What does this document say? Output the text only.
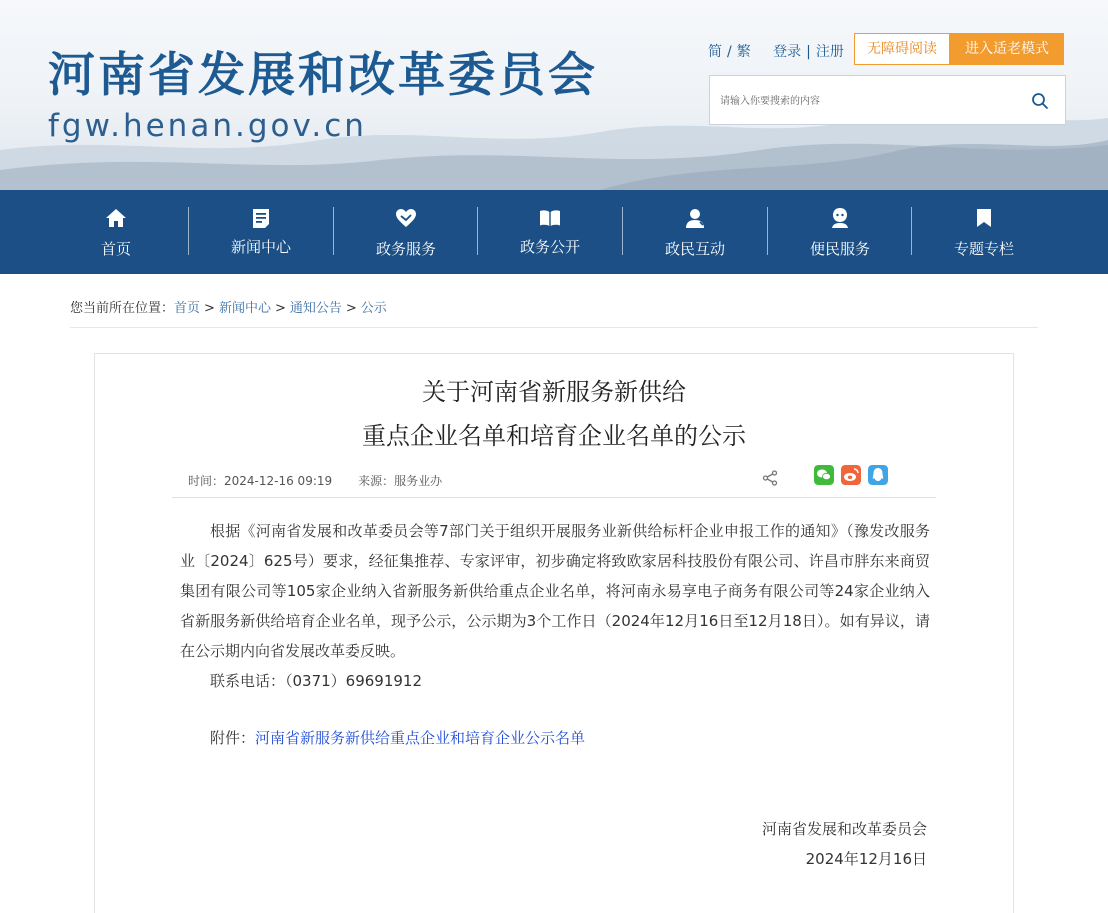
河南省发展和改革委员会
fgw.henan.gov.cn
简 / 繁 登录 | 注册	无障碍阅读	进入适老模式
请输入你要搜索的内容
首页	新闻中心	政务服务	政务公开	政民互动	便民服务	专题专栏
您当前所在位置：首页 > 新闻中心 > 通知公告 > 公示
关于河南省新服务新供给
重点企业名单和培育企业名单的公示
时间：2024-12-16 09:19 来源：服务业办

根据《河南省发展和改革委员会等7部门关于组织开展服务业新供给标杆企业申报工作的通知》（豫发改服务业〔2024〕625号）要求，经征集推荐、专家评审，初步确定将致欧家居科技股份有限公司、许昌市胖东来商贸集团有限公司等105家企业纳入省新服务新供给重点企业名单，将河南永易享电子商务有限公司等24家企业纳入省新服务新供给培育企业名单，现予公示，公示期为3个工作日（2024年12月16日至12月18日）。如有异议，请在公示期内向省发展改革委反映。

联系电话：（0371）69691912

附件：河南省新服务新供给重点企业和培育企业公示名单
河南省发展和改革委员会
2024年12月16日
